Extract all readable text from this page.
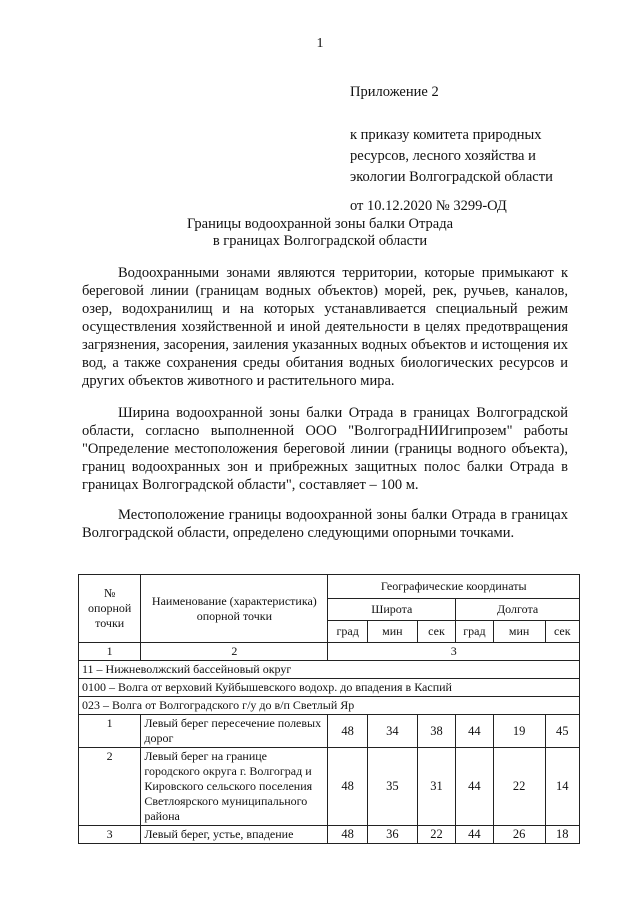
1
Приложение 2
к приказу комитета природных
ресурсов, лесного хозяйства и
экологии Волгоградской области
от 10.12.2020 № 3299-ОД
Границы водоохранной зоны балки Отрада
в границах Волгоградской области
Водоохранными зонами являются территории, которые примыкают к береговой линии (границам водных объектов) морей, рек, ручьев, каналов, озер, водохранилищ и на которых устанавливается специальный режим осуществления хозяйственной и иной деятельности в целях предотвращения загрязнения, засорения, заиления указанных водных объектов и истощения их вод, а также сохранения среды обитания водных биологических ресурсов и других объектов животного и растительного мира.
Ширина водоохранной зоны балки Отрада в границах Волгоградской области, согласно выполненной ООО "ВолгоградНИИгипрозем" работы "Определение местоположения береговой линии (границы водного объекта), границ водоохранных зон и прибрежных защитных полос балки Отрада в границах Волгоградской области", составляет – 100 м.
Местоположение границы водоохранной зоны балки Отрада в границах Волгоградской области, определено следующими опорными точками.
№ опорной точки	Наименование (характеристика) опорной точки	Географические координаты					
		Широта			Долгота		
		град	мин	сек	град	мин	сек
1	2	3					
11 – Нижневолжский бассейновый округ							
0100 – Волга от верховий Куйбышевского водохр. до впадения в Каспий							
023 – Волга от Волгоградского г/у до в/п Светлый Яр							
1	Левый берег пересечение полевых дорог	48	34	38	44	19	45
2	Левый берег на границе городского округа г. Волгоград и Кировского сельского поселения Светлоярского муниципального района	48	35	31	44	22	14
3	Левый берег, устье, впадение	48	36	22	44	26	18
